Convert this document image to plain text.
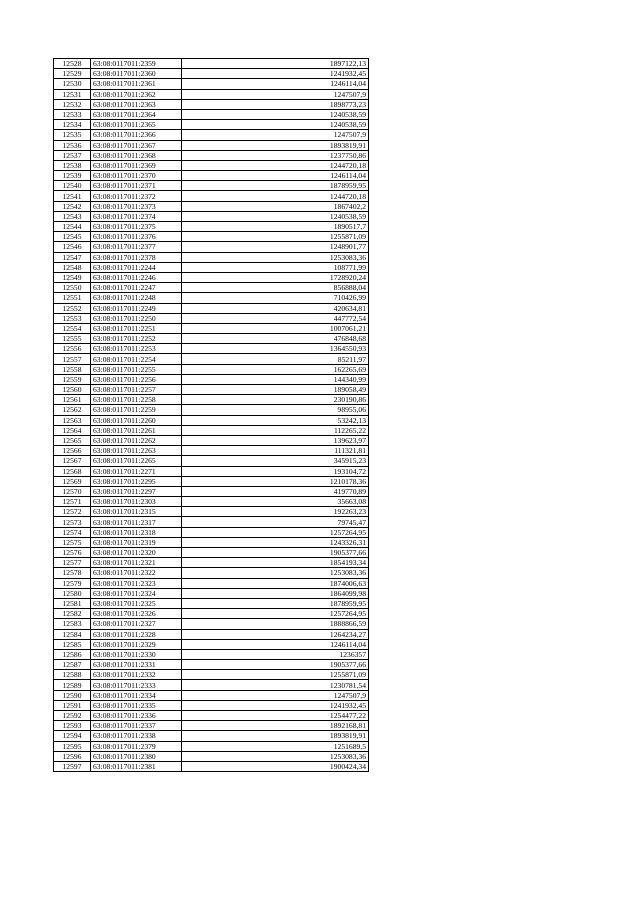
12528	63:08:0117011:2359	1897122,13
12529	63:08:0117011:2360	1241932,45
12530	63:08:0117011:2361	1246114,04
12531	63:08:0117011:2362	1247507,9
12532	63:08:0117011:2363	1898773,23
12533	63:08:0117011:2364	1240538,59
12534	63:08:0117011:2365	1240538,59
12535	63:08:0117011:2366	1247507,9
12536	63:08:0117011:2367	1893819,91
12537	63:08:0117011:2368	1237750,86
12538	63:08:0117011:2369	1244720,18
12539	63:08:0117011:2370	1246114,04
12540	63:08:0117011:2371	1878959,95
12541	63:08:0117011:2372	1244720,18
12542	63:08:0117011:2373	1867402,2
12543	63:08:0117011:2374	1240538,59
12544	63:08:0117011:2375	1890517,7
12545	63:08:0117011:2376	1255871,09
12546	63:08:0117011:2377	1248901,77
12547	63:08:0117011:2378	1253083,36
12548	63:08:0117011:2244	108771,99
12549	63:08:0117011:2246	1728920,24
12550	63:08:0117011:2247	856888,04
12551	63:08:0117011:2248	710426,99
12552	63:08:0117011:2249	420634,81
12553	63:08:0117011:2250	447772,54
12554	63:08:0117011:2251	1007061,21
12555	63:08:0117011:2252	476848,68
12556	63:08:0117011:2253	1364550,93
12557	63:08:0117011:2254	85211,97
12558	63:08:0117011:2255	162265,69
12559	63:08:0117011:2256	144340,99
12560	63:08:0117011:2257	189058,49
12561	63:08:0117011:2258	230190,86
12562	63:08:0117011:2259	98955,06
12563	63:08:0117011:2260	53242,13
12564	63:08:0117011:2261	112265,22
12565	63:08:0117011:2262	139623,97
12566	63:08:0117011:2263	111321,81
12567	63:08:0117011:2265	345915,23
12568	63:08:0117011:2271	193104,72
12569	63:08:0117011:2295	1210178,36
12570	63:08:0117011:2297	419770,89
12571	63:08:0117011:2303	35663,08
12572	63:08:0117011:2315	192263,23
12573	63:08:0117011:2317	79745,47
12574	63:08:0117011:2318	1257264,95
12575	63:08:0117011:2319	1243326,31
12576	63:08:0117011:2320	1905377,66
12577	63:08:0117011:2321	1854193,34
12578	63:08:0117011:2322	1253083,36
12579	63:08:0117011:2323	1874006,63
12580	63:08:0117011:2324	1864099,98
12581	63:08:0117011:2325	1878959,95
12582	63:08:0117011:2326	1257264,95
12583	63:08:0117011:2327	1888866,59
12584	63:08:0117011:2328	1264234,27
12585	63:08:0117011:2329	1246114,04
12586	63:08:0117011:2330	1236357
12587	63:08:0117011:2331	1905377,66
12588	63:08:0117011:2332	1255871,09
12589	63:08:0117011:2333	1230781,54
12590	63:08:0117011:2334	1247507,9
12591	63:08:0117011:2335	1241932,45
12592	63:08:0117011:2336	1254477,22
12593	63:08:0117011:2337	1892168,81
12594	63:08:0117011:2338	1893819,91
12595	63:08:0117011:2379	1251689,5
12596	63:08:0117011:2380	1253083,36
12597	63:08:0117011:2381	1900424,34
